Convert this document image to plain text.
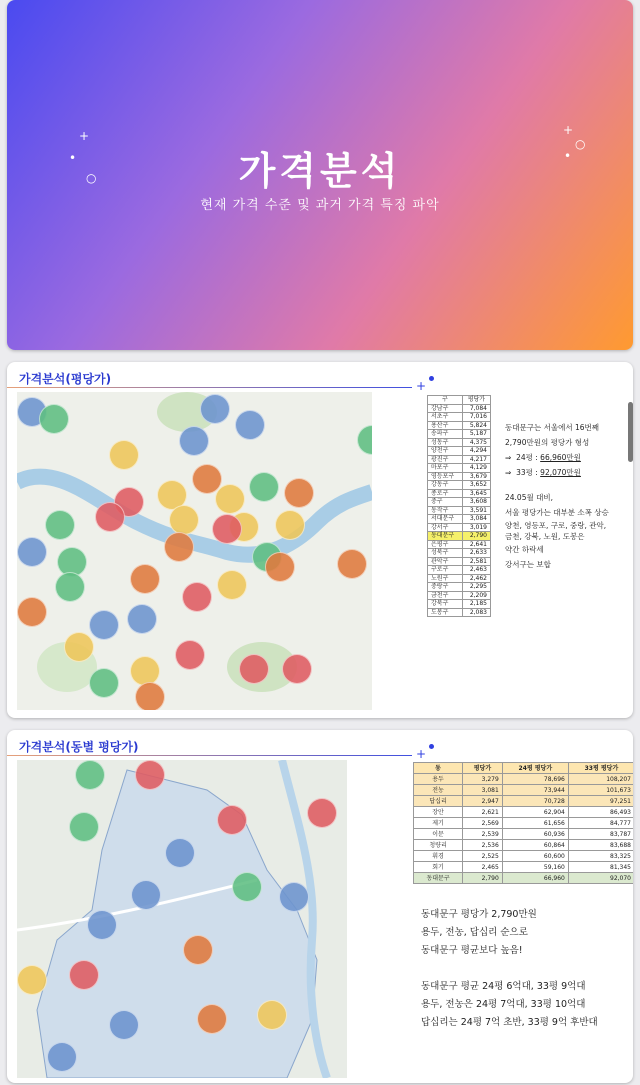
+
•
○
+
○
•
가격분석
현재 가격 수준 및 과거 가격 특징 파악
가격분석(평당가)	+
구	평당가
강남구	7,084
서초구	7,016
용산구	5,824
송파구	5,187
성동구	4,375
양천구	4,294
광진구	4,217
마포구	4,129
영등포구	3,679
강동구	3,652
종로구	3,645
중구	3,608
동작구	3,591
서대문구	3,084
강서구	3,019
동대문구	2,790
은평구	2,641
성북구	2,633
관악구	2,581
구로구	2,463
노원구	2,462
중랑구	2,295
금천구	2,209
강북구	2,185
도봉구	2,083
동대문구는 서울에서 16번째
2,790만원의 평당가 형성
⇒ 24평 : 66,960만원
⇒ 33평 : 92,070만원
24.05월 대비,
서울 평당가는 대부분 소폭 상승
양천, 영등포, 구로, 중랑, 관악,
금천, 강북, 노원, 도봉은
약간 하락세
강서구는 보합
가격분석(동별 평당가)	+
동	평당가	24평 평당가	33평 평당가
용두	3,279	78,696	108,207
전농	3,081	73,944	101,673
답십리	2,947	70,728	97,251
장안	2,621	62,904	86,493
제기	2,569	61,656	84,777
이문	2,539	60,936	83,787
청량리	2,536	60,864	83,688
휘경	2,525	60,600	83,325
회기	2,465	59,160	81,345
동대문구	2,790	66,960	92,070
동대문구 평당가 2,790만원
용두, 전농, 답십리 순으로
동대문구 평균보다 높음!
동대문구 평균 24평 6억대, 33평 9억대
용두, 전농은 24평 7억대, 33평 10억대
답십리는 24평 7억 초반, 33평 9억 후반대
